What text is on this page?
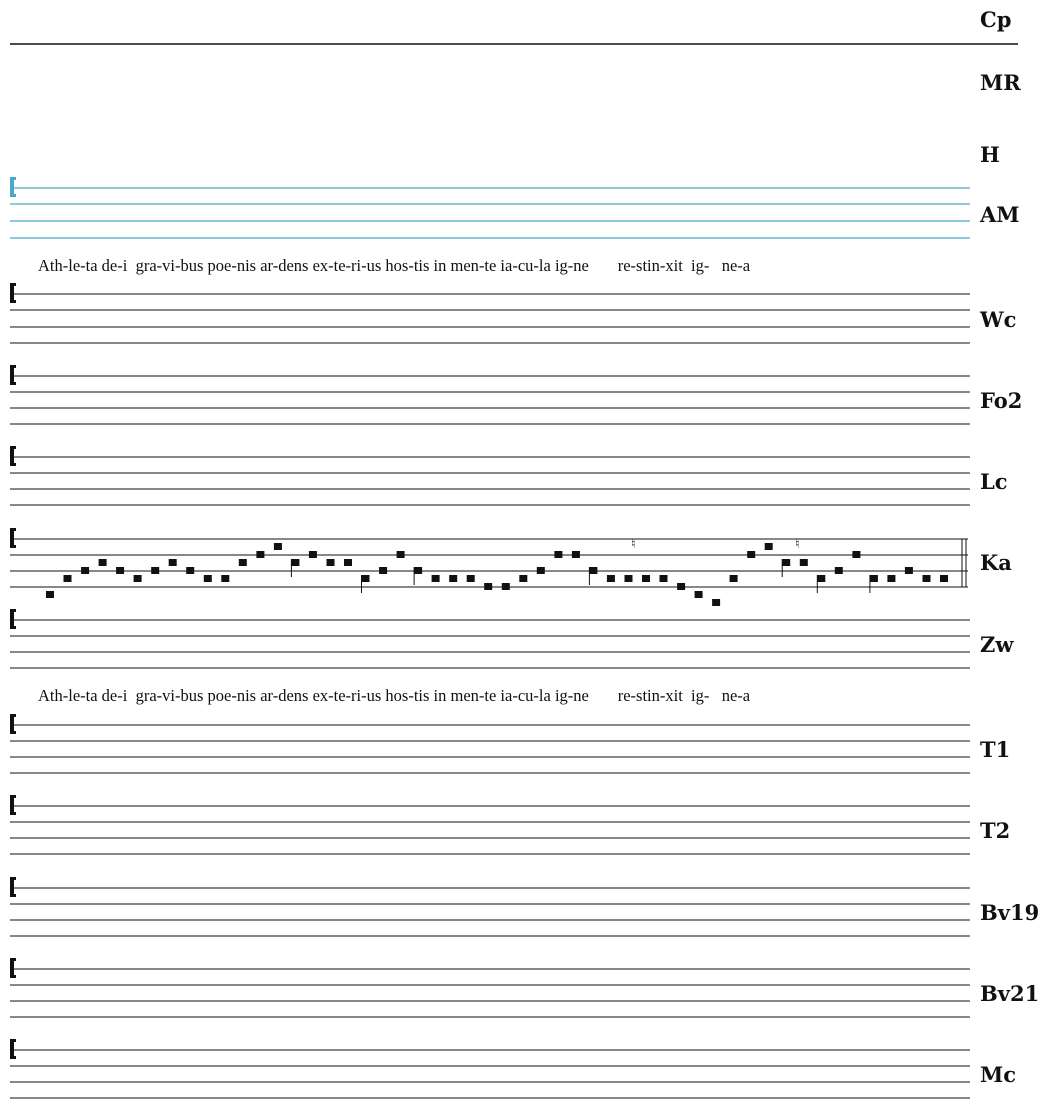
Cp
MR
H
AM
Ath-le-ta de-i  gra-vi-bus poe-nis ar-dens ex-te-ri-us hos-tis in men-te ia-cu-la ig-ne       re-stin-xit  ig-   ne-a
Wc
Fo2
Lc
♮	♮
Ka
Zw
Ath-le-ta de-i  gra-vi-bus poe-nis ar-dens ex-te-ri-us hos-tis in men-te ia-cu-la ig-ne       re-stin-xit  ig-   ne-a
T1
T2
Bv19
Bv21
Mc
